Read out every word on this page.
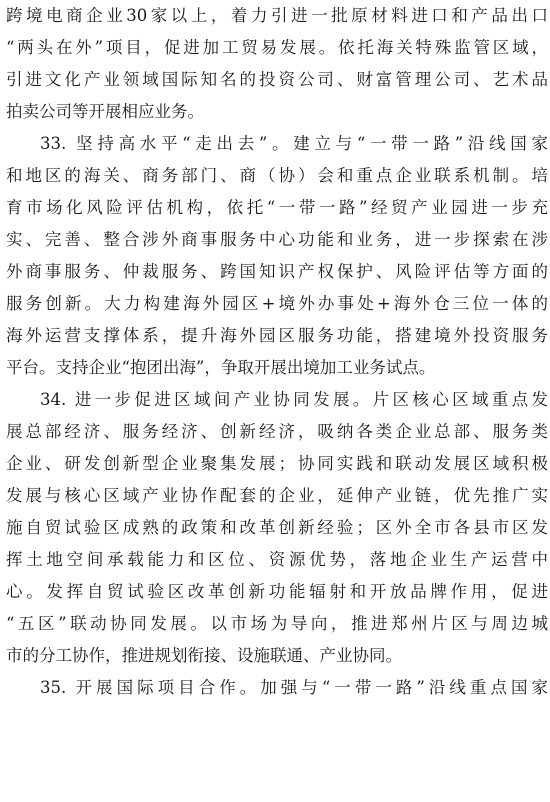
跨境电商企业30家以上，着力引进一批原材料进口和产品出口
“两头在外”项目，促进加工贸易发展。依托海关特殊监管区域，
引进文化产业领域国际知名的投资公司、财富管理公司、艺术品
拍卖公司等开展相应业务。
33. 坚持高水平“走出去”。建立与“一带一路”沿线国家
和地区的海关、商务部门、商（协）会和重点企业联系机制。培
育市场化风险评估机构，依托“一带一路”经贸产业园进一步充
实、完善、整合涉外商事服务中心功能和业务，进一步探索在涉
外商事服务、仲裁服务、跨国知识产权保护、风险评估等方面的
服务创新。大力构建海外园区+境外办事处+海外仓三位一体的
海外运营支撑体系，提升海外园区服务功能，搭建境外投资服务
平台。支持企业“抱团出海”，争取开展出境加工业务试点。
34. 进一步促进区域间产业协同发展。片区核心区域重点发
展总部经济、服务经济、创新经济，吸纳各类企业总部、服务类
企业、研发创新型企业聚集发展；协同实践和联动发展区域积极
发展与核心区域产业协作配套的企业，延伸产业链，优先推广实
施自贸试验区成熟的政策和改革创新经验；区外全市各县市区发
挥土地空间承载能力和区位、资源优势，落地企业生产运营中
心。发挥自贸试验区改革创新功能辐射和开放品牌作用，促进
“五区”联动协同发展。以市场为导向，推进郑州片区与周边城
市的分工协作，推进规划衔接、设施联通、产业协同。
35. 开展国际项目合作。加强与“一带一路”沿线重点国家
